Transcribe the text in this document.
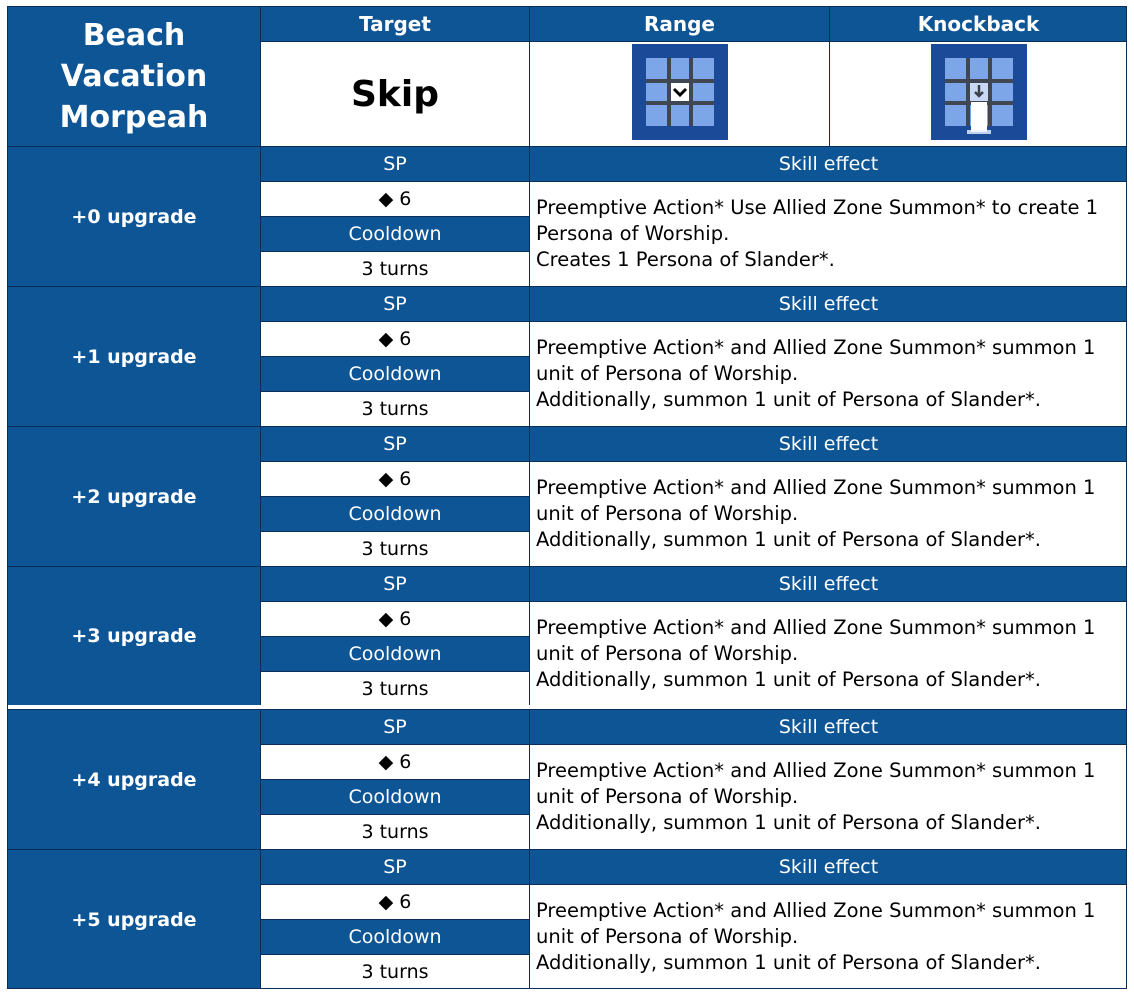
Beach Vacation
Morpeah
Target	Range	Knockback
Skip
+0 upgrade
SP
◆ 6
Cooldown
3 turns
Skill effect
Preemptive Action* Use Allied Zone Summon* to create 1
Persona of Worship.
Creates 1 Persona of Slander*.
+1 upgrade
SP
◆ 6
Cooldown
3 turns
Skill effect
Preemptive Action* and Allied Zone Summon* summon 1
unit of Persona of Worship.
Additionally, summon 1 unit of Persona of Slander*.
+2 upgrade
SP
◆ 6
Cooldown
3 turns
Skill effect
Preemptive Action* and Allied Zone Summon* summon 1
unit of Persona of Worship.
Additionally, summon 1 unit of Persona of Slander*.
+3 upgrade
SP
◆ 6
Cooldown
3 turns
Skill effect
Preemptive Action* and Allied Zone Summon* summon 1
unit of Persona of Worship.
Additionally, summon 1 unit of Persona of Slander*.
+4 upgrade
SP
◆ 6
Cooldown
3 turns
Skill effect
Preemptive Action* and Allied Zone Summon* summon 1
unit of Persona of Worship.
Additionally, summon 1 unit of Persona of Slander*.
+5 upgrade
SP
◆ 6
Cooldown
3 turns
Skill effect
Preemptive Action* and Allied Zone Summon* summon 1
unit of Persona of Worship.
Additionally, summon 1 unit of Persona of Slander*.
